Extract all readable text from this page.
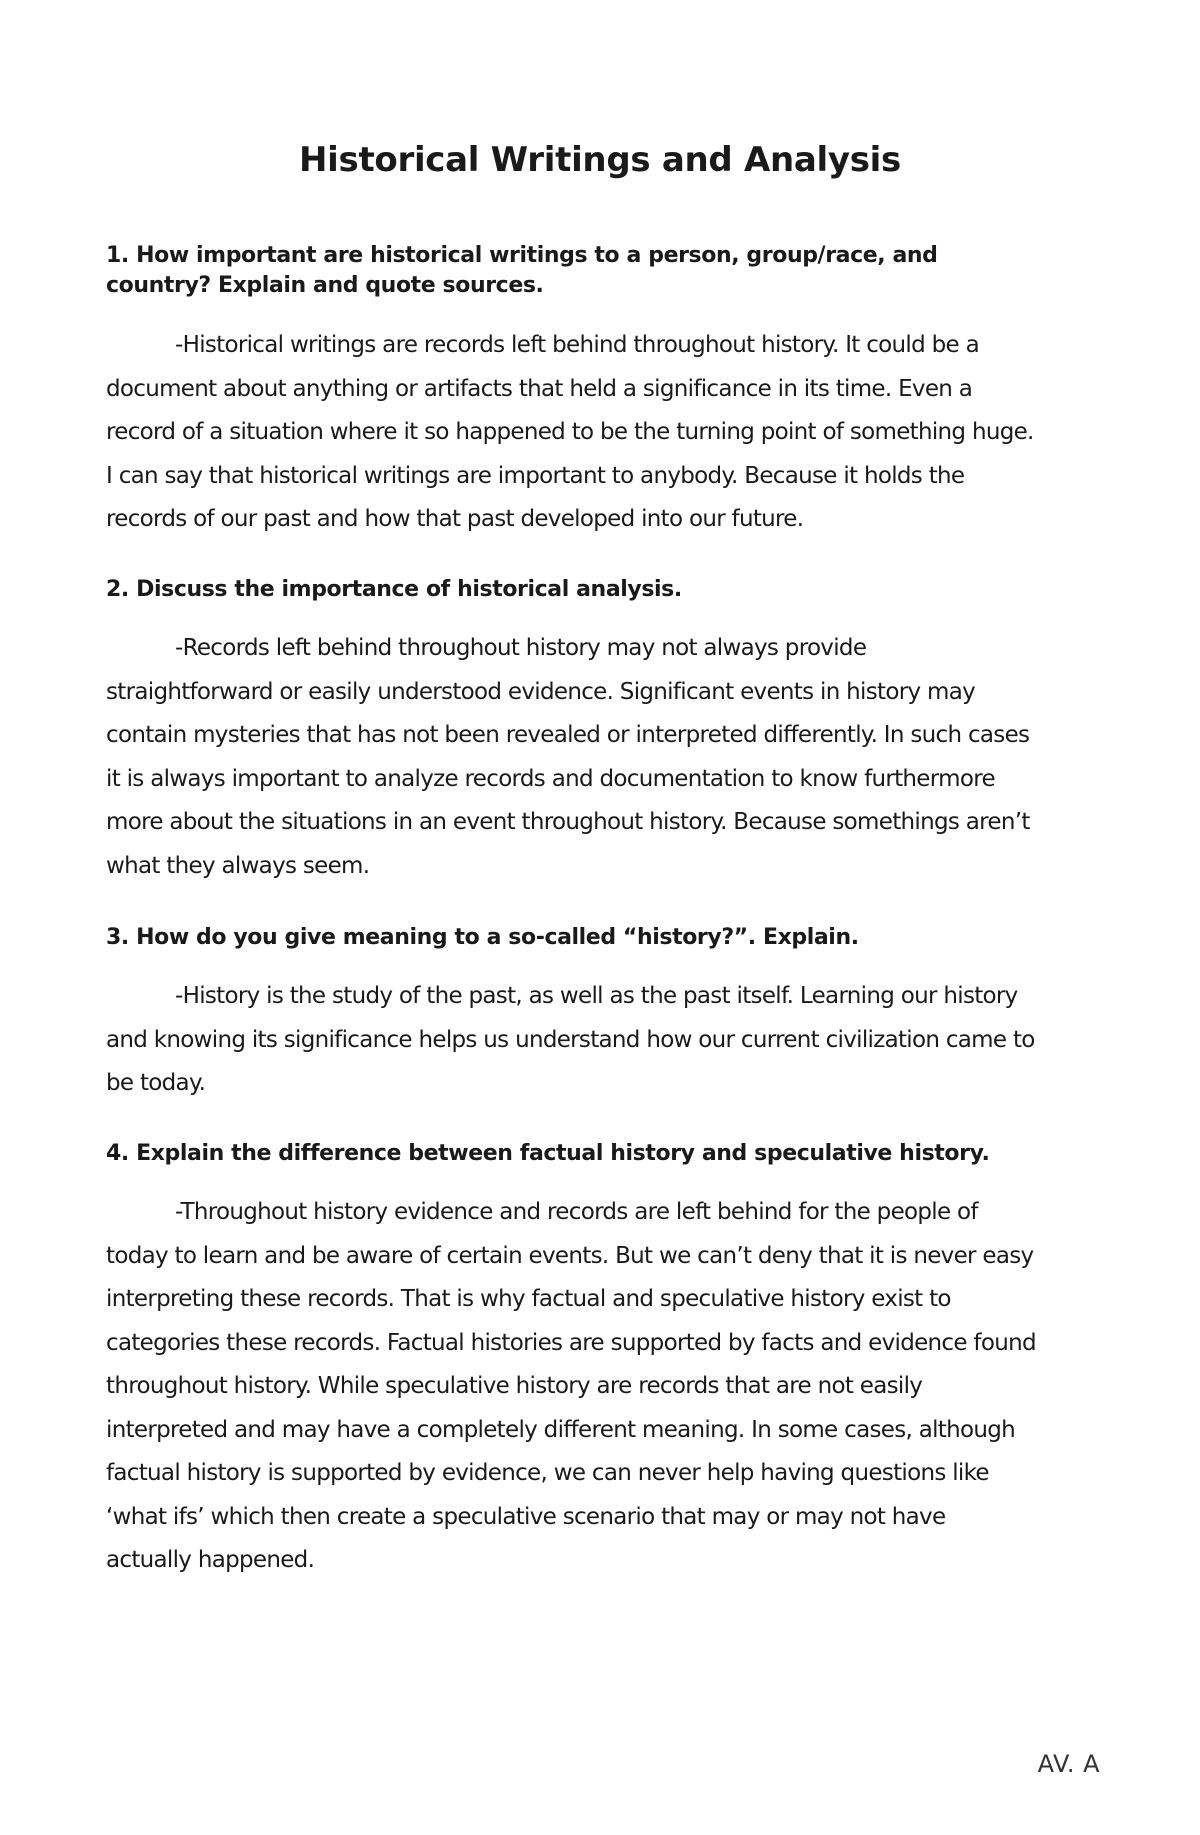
Historical Writings and Analysis

1. How important are historical writings to a person, group/race, and country? Explain and quote sources.

-Historical writings are records left behind throughout history. It could be a document about anything or artifacts that held a significance in its time. Even a record of a situation where it so happened to be the turning point of something huge. I can say that historical writings are important to anybody. Because it holds the records of our past and how that past developed into our future.

2. Discuss the importance of historical analysis.

-Records left behind throughout history may not always provide straightforward or easily understood evidence. Significant events in history may contain mysteries that has not been revealed or interpreted differently. In such cases it is always important to analyze records and documentation to know furthermore more about the situations in an event throughout history. Because somethings aren’t what they always seem.

3. How do you give meaning to a so-called “history?”. Explain.

-History is the study of the past, as well as the past itself. Learning our history and knowing its significance helps us understand how our current civilization came to be today.

4. Explain the difference between factual history and speculative history.

-Throughout history evidence and records are left behind for the people of today to learn and be aware of certain events. But we can’t deny that it is never easy interpreting these records. That is why factual and speculative history exist to categories these records. Factual histories are supported by facts and evidence found throughout history. While speculative history are records that are not easily interpreted and may have a completely different meaning. In some cases, although factual history is supported by evidence, we can never help having questions like ‘what ifs’ which then create a speculative scenario that may or may not have actually happened.

AV. A
